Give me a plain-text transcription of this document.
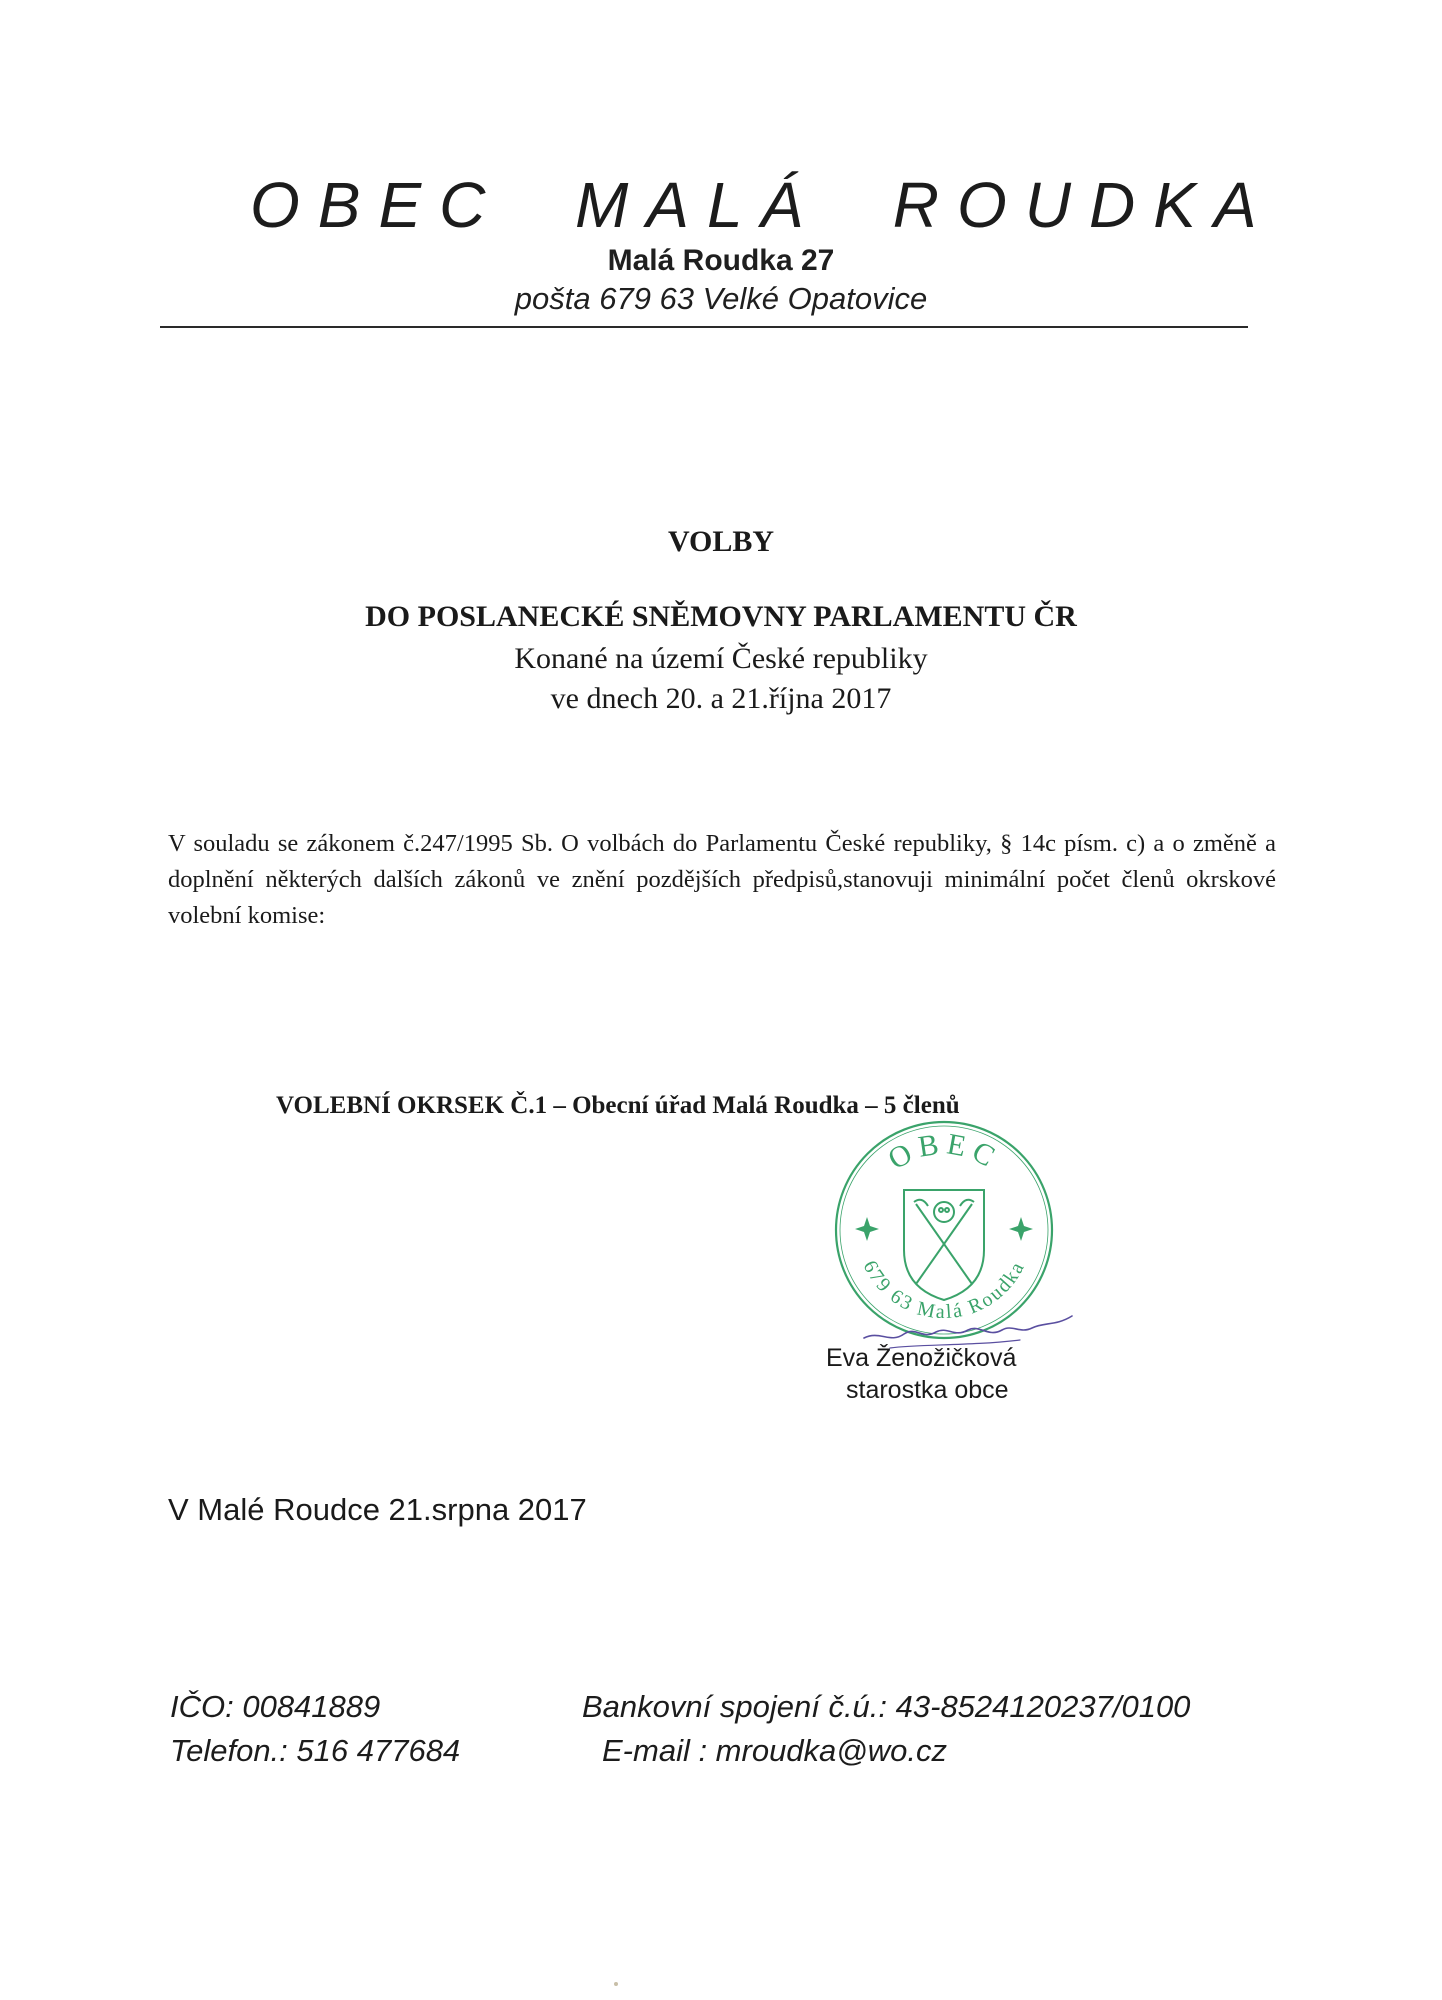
OBEC  MALÁ  ROUDKA
Malá Roudka 27
pošta 679 63 Velké Opatovice
VOLBY
DO POSLANECKÉ SNĚMOVNY PARLAMENTU ČR
Konané na území České republiky
ve dnech 20. a 21.října 2017
V souladu se zákonem č.247/1995 Sb. O volbách do Parlamentu České republiky, § 14c písm. c) a o změně a doplnění některých dalších zákonů ve znění pozdějších předpisů,stanovuji minimální počet členů okrskové volební komise:
VOLEBNÍ OKRSEK Č.1 – Obecní úřad Malá Roudka – 5 členů
OBEC
679 63 Malá Roudka
Eva Ženožičková
starostka obce
V Malé Roudce 21.srpna 2017
IČO: 00841889
Telefon.: 516 477684
Bankovní spojení č.ú.: 43-8524120237/0100
E-mail : mroudka@wo.cz
